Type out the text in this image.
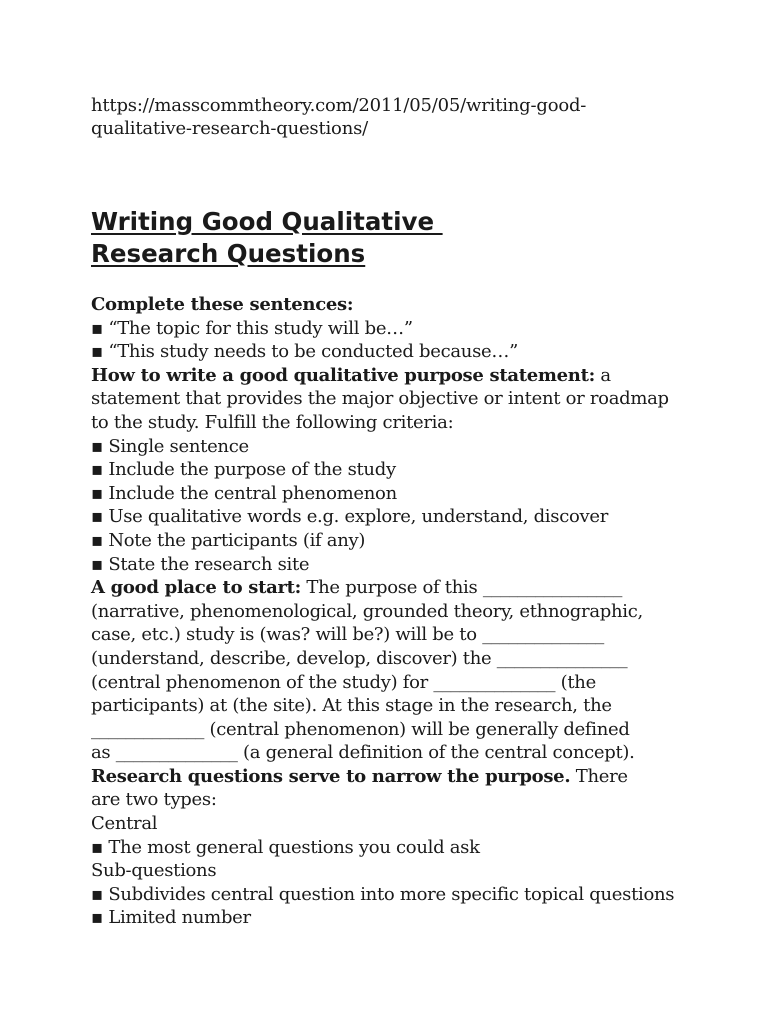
https://masscommtheory.com/2011/05/05/writing-good-
qualitative-research-questions/

Writing Good Qualitative
Research Questions

Complete these sentences:

▪ “The topic for this study will be…”

▪ “This study needs to be conducted because…”

How to write a good qualitative purpose statement: a

statement that provides the major objective or intent or roadmap

to the study. Fulfill the following criteria:

▪ Single sentence

▪ Include the purpose of the study

▪ Include the central phenomenon

▪ Use qualitative words e.g. explore, understand, discover

▪ Note the participants (if any)

▪ State the research site

A good place to start: The purpose of this ________________

(narrative, phenomenological, grounded theory, ethnographic,

case, etc.) study is (was? will be?) will be to ______________

(understand, describe, develop, discover) the _______________

(central phenomenon of the study) for ______________ (the

participants) at (the site). At this stage in the research, the

_____________ (central phenomenon) will be generally defined

as ______________ (a general definition of the central concept).

Research questions serve to narrow the purpose. There

are two types:

Central

▪ The most general questions you could ask

Sub-questions

▪ Subdivides central question into more specific topical questions

▪ Limited number
